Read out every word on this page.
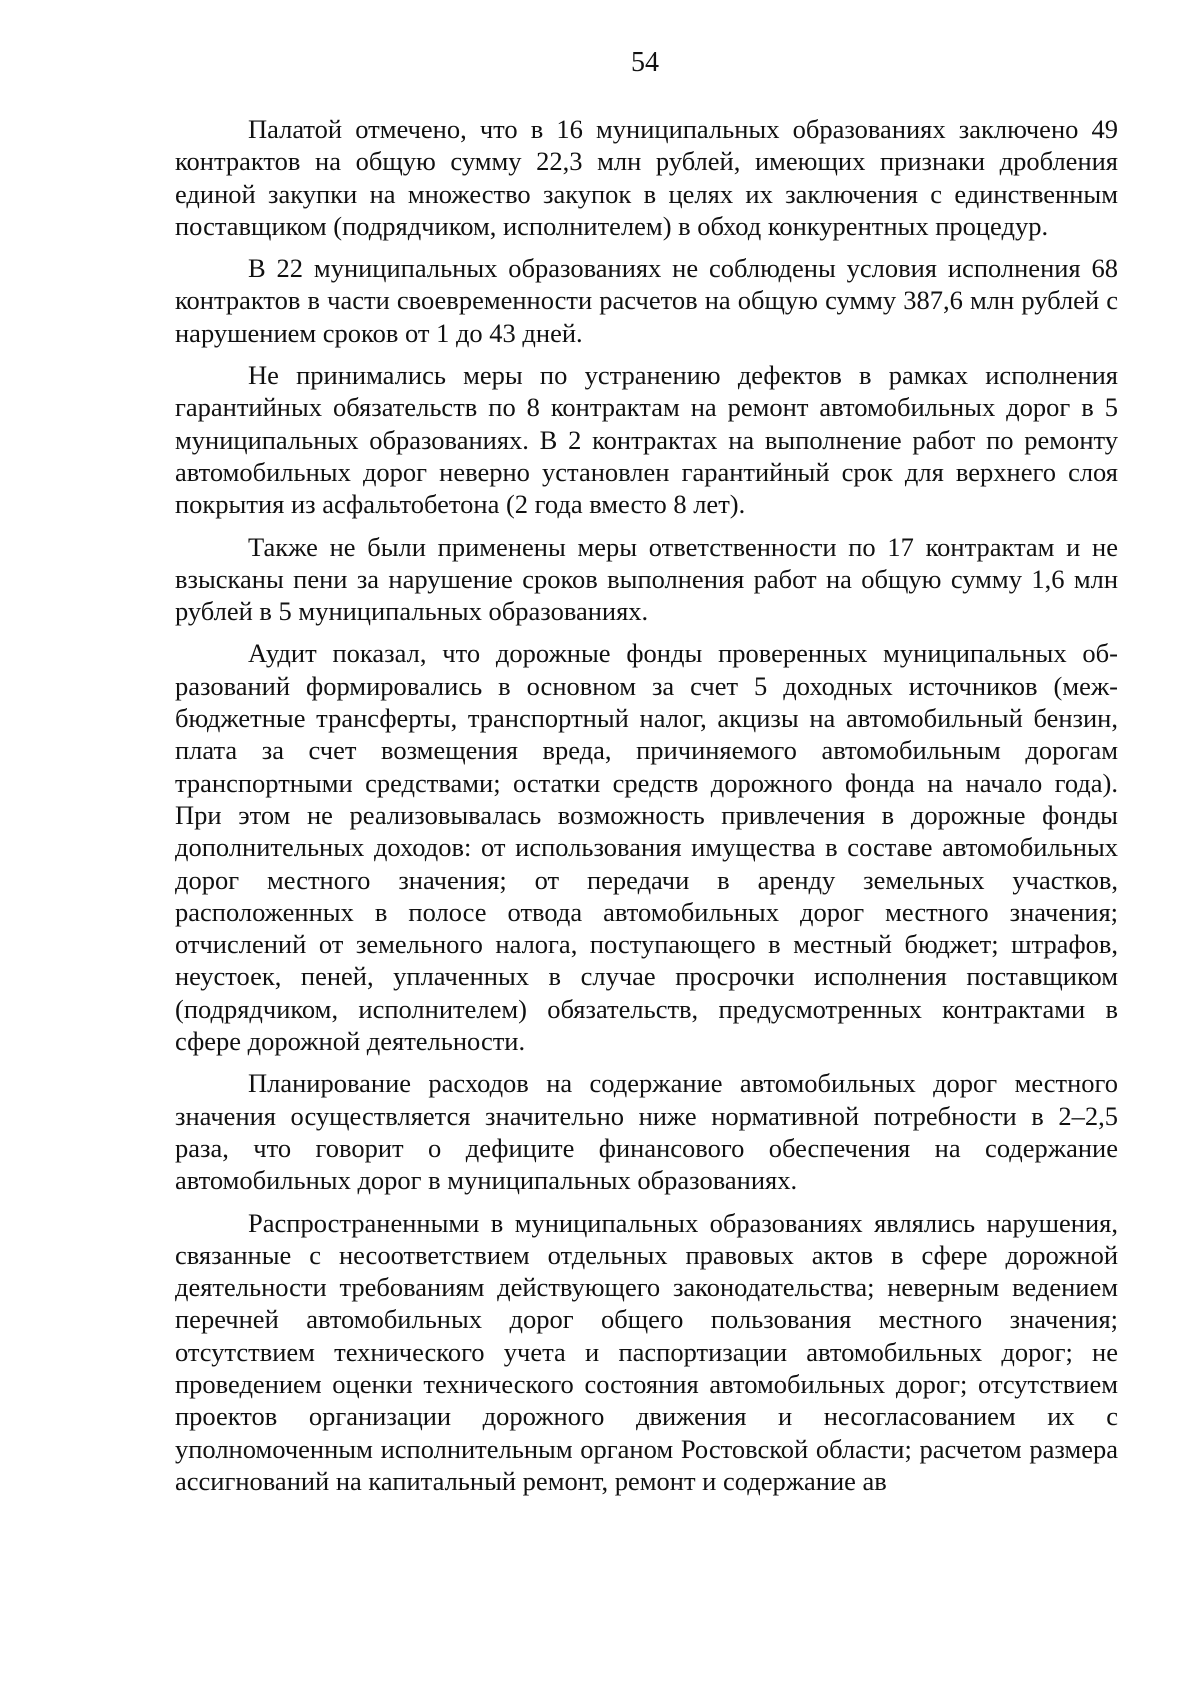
54

Палатой отмечено, что в 16 муниципальных образованиях заключено 49 контрактов на общую сумму 22,3 млн рублей, имеющих признаки дробления единой закупки на множество закупок в целях их заключения с единственным поставщиком (подрядчиком, исполнителем) в обход конкурентных процедур.

В 22 муниципальных образованиях не соблюдены условия исполнения 68 контрактов в части своевременности расчетов на общую сумму 387,6 млн рублей с нарушением сроков от 1 до 43 дней.

Не принимались меры по устранению дефектов в рамках исполнения гарантийных обязательств по 8 контрактам на ремонт автомобильных дорог в 5 муниципальных образованиях. В 2 контрактах на выполнение работ по ремонту автомобильных дорог неверно установлен гарантийный срок для верхнего слоя покрытия из асфальтобетона (2 года вместо 8 лет).

Также не были применены меры ответственности по 17 контрактам и не взысканы пени за нарушение сроков выполнения работ на общую сумму 1,6 млн рублей в 5 муниципальных образованиях.

Аудит показал, что дорожные фонды проверенных муниципальных образований формировались в основном за счет 5 доходных источников (межбюджетные трансферты, транспортный налог, акцизы на автомобильный бензин, плата за счет возмещения вреда, причиняемого автомобильным дорогам транспортными средствами; остатки средств дорожного фонда на начало года). При этом не реализовывалась возможность привлечения в дорожные фонды дополнительных доходов: от использования имущества в составе автомобильных дорог местного значения; от передачи в аренду земельных участков, расположенных в полосе отвода автомобильных дорог местного значения; отчислений от земельного налога, поступающего в местный бюджет; штрафов, неустоек, пеней, уплаченных в случае просрочки исполнения поставщиком (подрядчиком, исполнителем) обязательств, предусмотренных контрактами в сфере дорожной деятельности.

Планирование расходов на содержание автомобильных дорог местного значения осуществляется значительно ниже нормативной потребности в 2–2,5 раза, что говорит о дефиците финансового обеспечения на содержание автомобильных дорог в муниципальных образованиях.

Распространенными в муниципальных образованиях являлись нарушения, связанные с несоответствием отдельных правовых актов в сфере дорожной деятельности требованиям действующего законодательства; неверным ведением перечней автомобильных дорог общего пользования местного значения; отсутствием технического учета и паспортизации автомобильных дорог; не проведением оценки технического состояния автомобильных дорог; отсутствием проектов организации дорожного движения и несогласованием их с уполномоченным исполнительным органом Ростовской области; расчетом размера ассигнований на капитальный ремонт, ремонт и содержание ав
